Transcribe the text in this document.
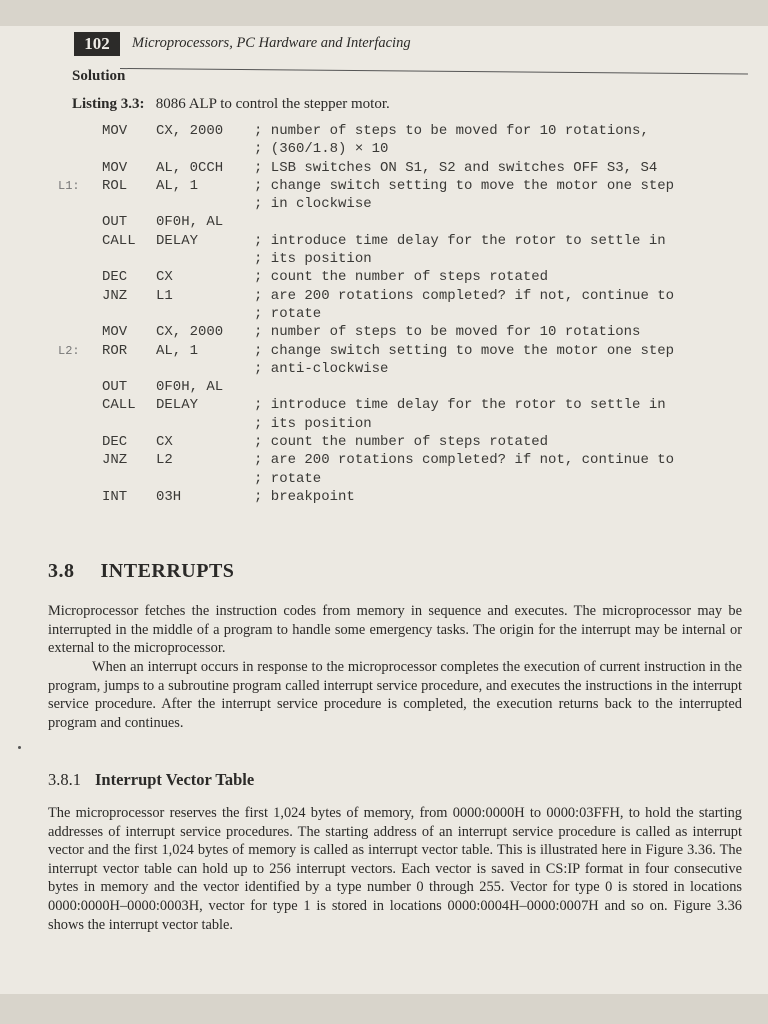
102	Microprocessors, PC Hardware and Interfacing
Solution
Listing 3.3: 8086 ALP to control the stepper motor.
MOV CX, 2000 ; number of steps to be moved for 10 rotations,
; (360/1.8) × 10
MOV AL, 0CCH ; LSB switches ON S1, S2 and switches OFF S3, S4
L1:	ROL AL, 1	; change switch setting to move the motor one step
; in clockwise
OUT 0F0H, AL
CALL DELAY	; introduce time delay for the rotor to settle in
; its position
DEC CX	; count the number of steps rotated
JNZ L1	; are 200 rotations completed? if not, continue to
; rotate
MOV CX, 2000 ; number of steps to be moved for 10 rotations
L2:	ROR AL, 1	; change switch setting to move the motor one step
; anti-clockwise
OUT 0F0H, AL
CALL DELAY	; introduce time delay for the rotor to settle in
; its position
DEC CX	; count the number of steps rotated
JNZ L2	; are 200 rotations completed? if not, continue to
; rotate
INT 03H	; breakpoint
3.8 INTERRUPTS
Microprocessor fetches the instruction codes from memory in sequence and executes. The microprocessor may be interrupted in the middle of a program to handle some emergency tasks. The origin for the interrupt may be internal or external to the microprocessor.
When an interrupt occurs in response to the microprocessor completes the execution of current instruction in the program, jumps to a subroutine program called interrupt service procedure, and executes the instructions in the interrupt service procedure. After the interrupt service procedure is completed, the execution returns back to the interrupted program and continues.
3.8.1 Interrupt Vector Table
The microprocessor reserves the first 1,024 bytes of memory, from 0000:0000H to 0000:03FFH, to hold the starting addresses of interrupt service procedures. The starting address of an interrupt service procedure is called as interrupt vector and the first 1,024 bytes of memory is called as interrupt vector table. This is illustrated here in Figure 3.36. The interrupt vector table can hold up to 256 interrupt vectors. Each vector is saved in CS:IP format in four consecutive bytes in memory and the vector identified by a type number 0 through 255. Vector for type 0 is stored in locations 0000:0000H–0000:0003H, vector for type 1 is stored in locations 0000:0004H–0000:0007H and so on. Figure 3.36 shows the interrupt vector table.
